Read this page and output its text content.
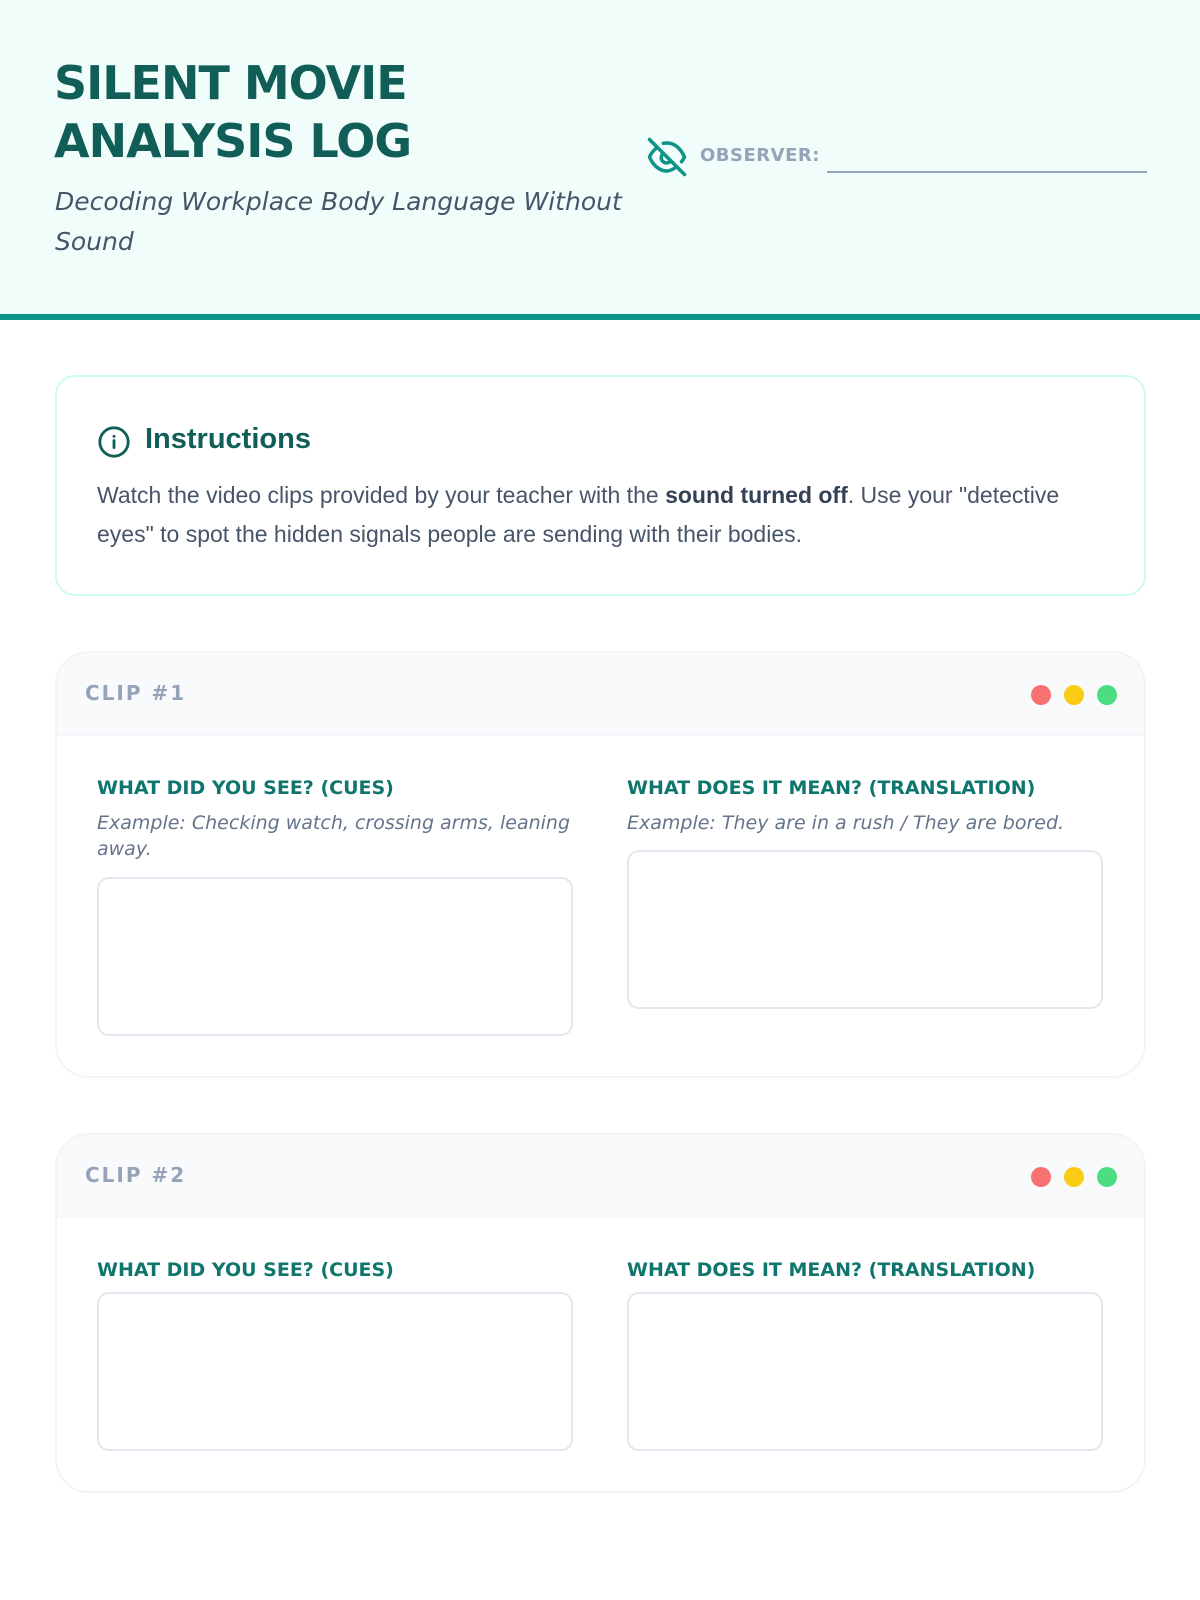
SILENT MOVIE ANALYSIS LOG
Decoding Workplace Body Language Without Sound
OBSERVER:
Instructions
Watch the video clips provided by your teacher with the sound turned off. Use your "detective eyes" to spot the hidden signals people are sending with their bodies.
CLIP #1
WHAT DID YOU SEE? (CUES)
Example: Checking watch, crossing arms, leaning away.
WHAT DOES IT MEAN? (TRANSLATION)
Example: They are in a rush / They are bored.
CLIP #2
WHAT DID YOU SEE? (CUES)	WHAT DOES IT MEAN? (TRANSLATION)
